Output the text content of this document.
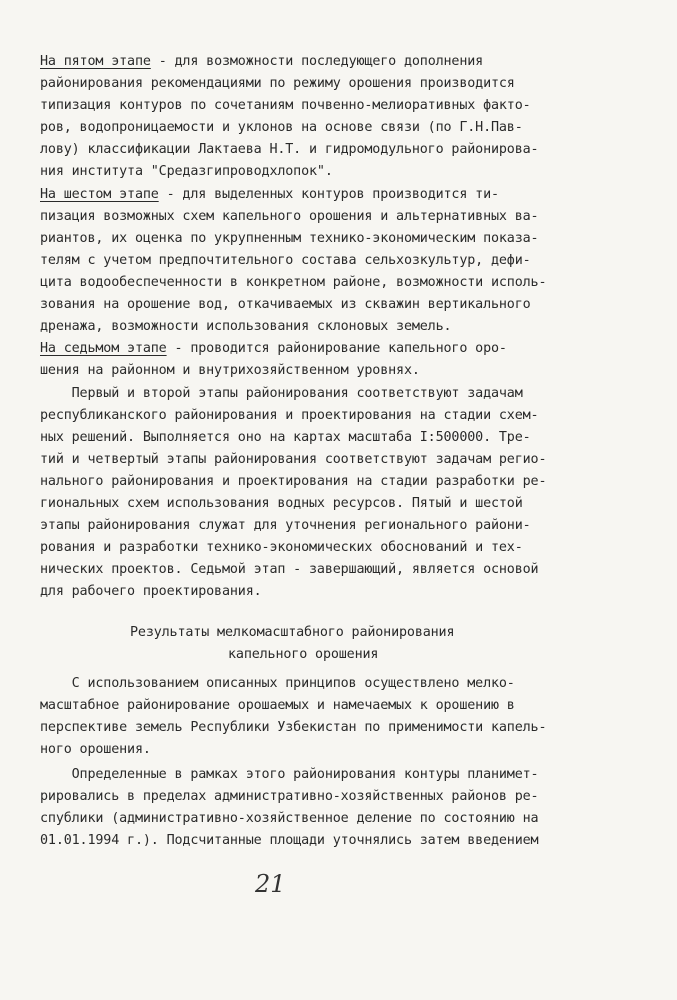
На пятом этапе - для возможности последующего дополнения
районирования рекомендациями по режиму орошения производится
типизация контуров по сочетаниям почвенно-мелиоративных факто-
ров, водопроницаемости и уклонов на основе связи (по Г.Н.Пав-
лову) классификации Лактаева Н.Т. и гидромодульного районирова-
ния института "Средазгипроводхлопок".
На шестом этапе - для выделенных контуров производится ти-
пизация возможных схем капельного орошения и альтернативных ва-
риантов, их оценка по укрупненным технико-экономическим показа-
телям с учетом предпочтительного состава сельхозкультур, дефи-
цита водообеспеченности в конкретном районе, возможности исполь-
зования на орошение вод, откачиваемых из скважин вертикального
дренажа, возможности использования склоновых земель.
На седьмом этапе - проводится районирование капельного оро-
шения на районном и внутрихозяйственном уровнях.
Первый и второй этапы районирования соответствуют задачам
республиканского районирования и проектирования на стадии схем-
ных решений. Выполняется оно на картах масштаба I:500000. Тре-
тий и четвертый этапы районирования соответствуют задачам регио-
нального районирования и проектирования на стадии разработки ре-
гиональных схем использования водных ресурсов. Пятый и шестой
этапы районирования служат для уточнения регионального райони-
рования и разработки технико-экономических обоснований и тех-
нических проектов. Седьмой этап - завершающий, является основой
для рабочего проектирования.
Результаты мелкомасштабного районирования
капельного орошения
С использованием описанных принципов осуществлено мелко-
масштабное районирование орошаемых и намечаемых к орошению в
перспективе земель Республики Узбекистан по применимости капель-
ного орошения.
Определенные в рамках этого районирования контуры планимет-
рировались в пределах административно-хозяйственных районов ре-
спублики (административно-хозяйственное деление по состоянию на
01.01.1994 г.). Подсчитанные площади уточнялись затем введением
21
